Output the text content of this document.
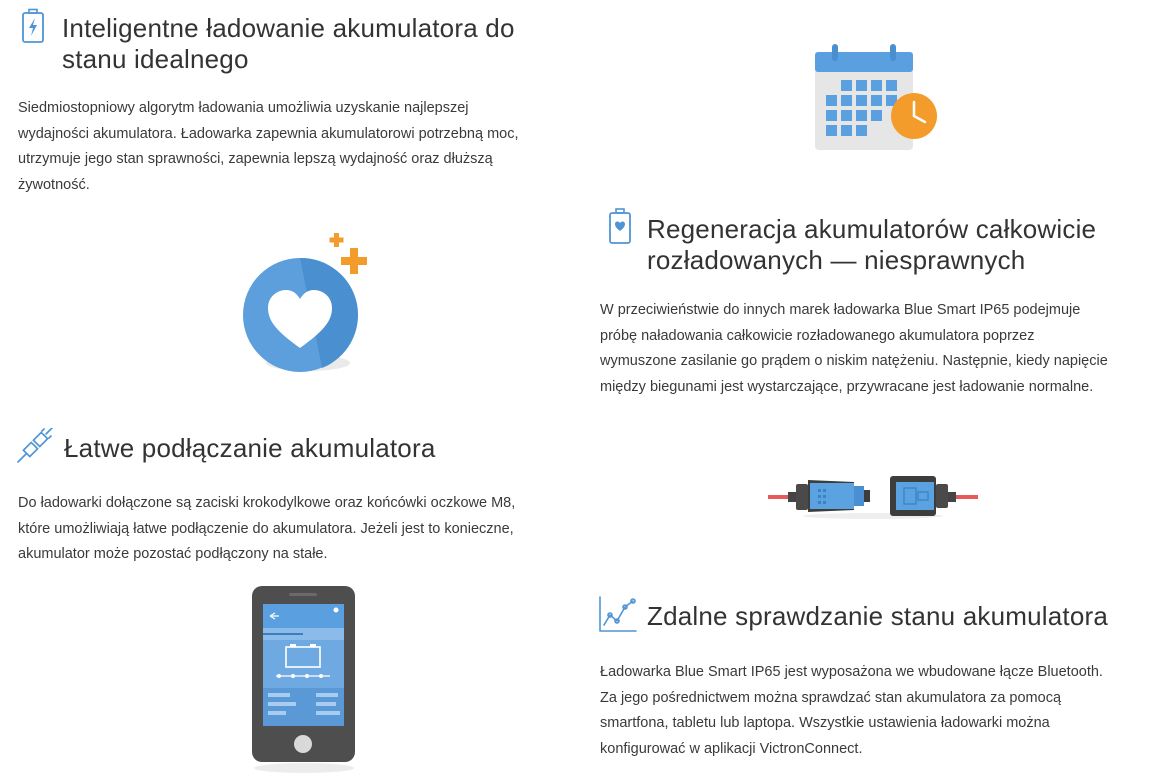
Inteligentne ładowanie akumulatora do
stanu idealnego
Siedmiostopniowy algorytm ładowania umożliwia uzyskanie najlepszej
wydajności akumulatora. Ładowarka zapewnia akumulatorowi potrzebną moc,
utrzymuje jego stan sprawności, zapewnia lepszą wydajność oraz dłuższą
żywotność.
Łatwe podłączanie akumulatora
Do ładowarki dołączone są zaciski krokodylkowe oraz końcówki oczkowe M8,
które umożliwiają łatwe podłączenie do akumulatora. Jeżeli jest to konieczne,
akumulator może pozostać podłączony na stałe.
Regeneracja akumulatorów całkowicie
rozładowanych — niesprawnych
W przeciwieństwie do innych marek ładowarka Blue Smart IP65 podejmuje
próbę naładowania całkowicie rozładowanego akumulatora poprzez
wymuszone zasilanie go prądem o niskim natężeniu. Następnie, kiedy napięcie
między biegunami jest wystarczające, przywracane jest ładowanie normalne.
Zdalne sprawdzanie stanu akumulatora
Ładowarka Blue Smart IP65 jest wyposażona we wbudowane łącze Bluetooth.
Za jego pośrednictwem można sprawdzać stan akumulatora za pomocą
smartfona, tabletu lub laptopa. Wszystkie ustawienia ładowarki można
konfigurować w aplikacji VictronConnect.
